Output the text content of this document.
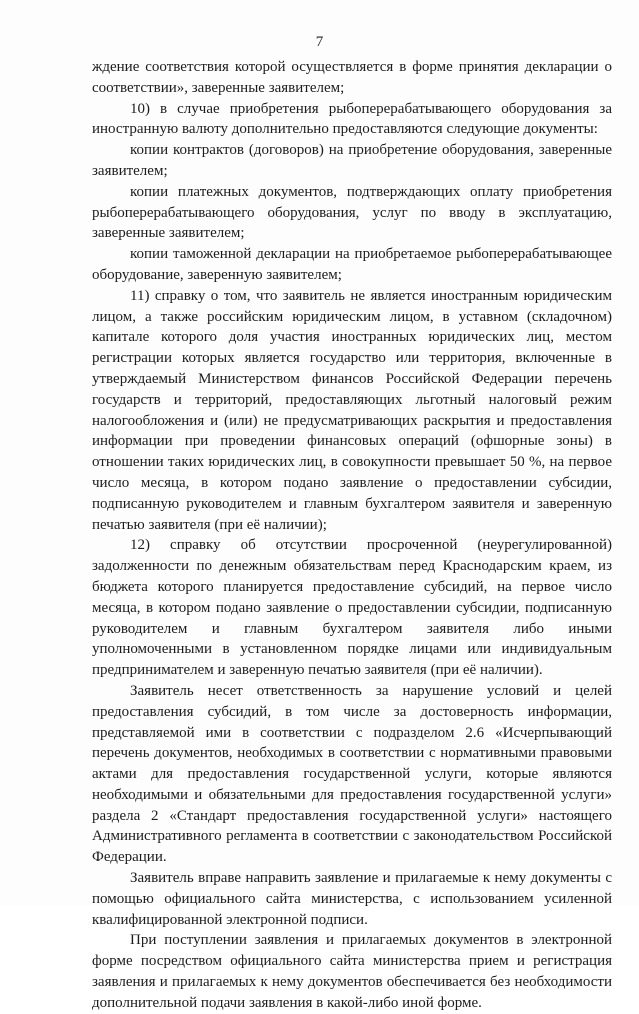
7

ждение соответствия которой осуществляется в форме принятия декларации о соответствии», заверенные заявителем;

10) в случае приобретения рыбоперерабатывающего оборудования за иностранную валюту дополнительно предоставляются следующие документы:

копии контрактов (договоров) на приобретение оборудования, заверенные заявителем;

копии платежных документов, подтверждающих оплату приобретения рыбоперерабатывающего оборудования, услуг по вводу в эксплуатацию, заверенные заявителем;

копии таможенной декларации на приобретаемое рыбоперерабатывающее оборудование, заверенную заявителем;

11) справку о том, что заявитель не является иностранным юридическим лицом, а также российским юридическим лицом, в уставном (складочном) капитале которого доля участия иностранных юридических лиц, местом регистрации которых является государство или территория, включенные в утверждаемый Министерством финансов Российской Федерации перечень государств и территорий, предоставляющих льготный налоговый режим налогообложения и (или) не предусматривающих раскрытия и предоставления информации при проведении финансовых операций (офшорные зоны) в отношении таких юридических лиц, в совокупности превышает 50 %, на первое число месяца, в котором подано заявление о предоставлении субсидии, подписанную руководителем и главным бухгалтером заявителя и заверенную печатью заявителя (при её наличии);

12) справку об отсутствии просроченной (неурегулированной) задолженности по денежным обязательствам перед Краснодарским краем, из бюджета которого планируется предоставление субсидий, на первое число месяца, в котором подано заявление о предоставлении субсидии, подписанную руководителем и главным бухгалтером заявителя либо иными уполномоченными в установленном порядке лицами или индивидуальным предпринимателем и заверенную печатью заявителя (при её наличии).

Заявитель несет ответственность за нарушение условий и целей предоставления субсидий, в том числе за достоверность информации, представляемой ими в соответствии с подразделом 2.6 «Исчерпывающий перечень документов, необходимых в соответствии с нормативными правовыми актами для предоставления государственной услуги, которые являются необходимыми и обязательными для предоставления государственной услуги» раздела 2 «Стандарт предоставления государственной услуги» настоящего Административного регламента в соответствии с законодательством Российской Федерации.

Заявитель вправе направить заявление и прилагаемые к нему документы с помощью официального сайта министерства, с использованием усиленной квалифицированной электронной подписи.

При поступлении заявления и прилагаемых документов в электронной форме посредством официального сайта министерства прием и регистрация заявления и прилагаемых к нему документов обеспечивается без необходимости дополнительной подачи заявления в какой-либо иной форме.
